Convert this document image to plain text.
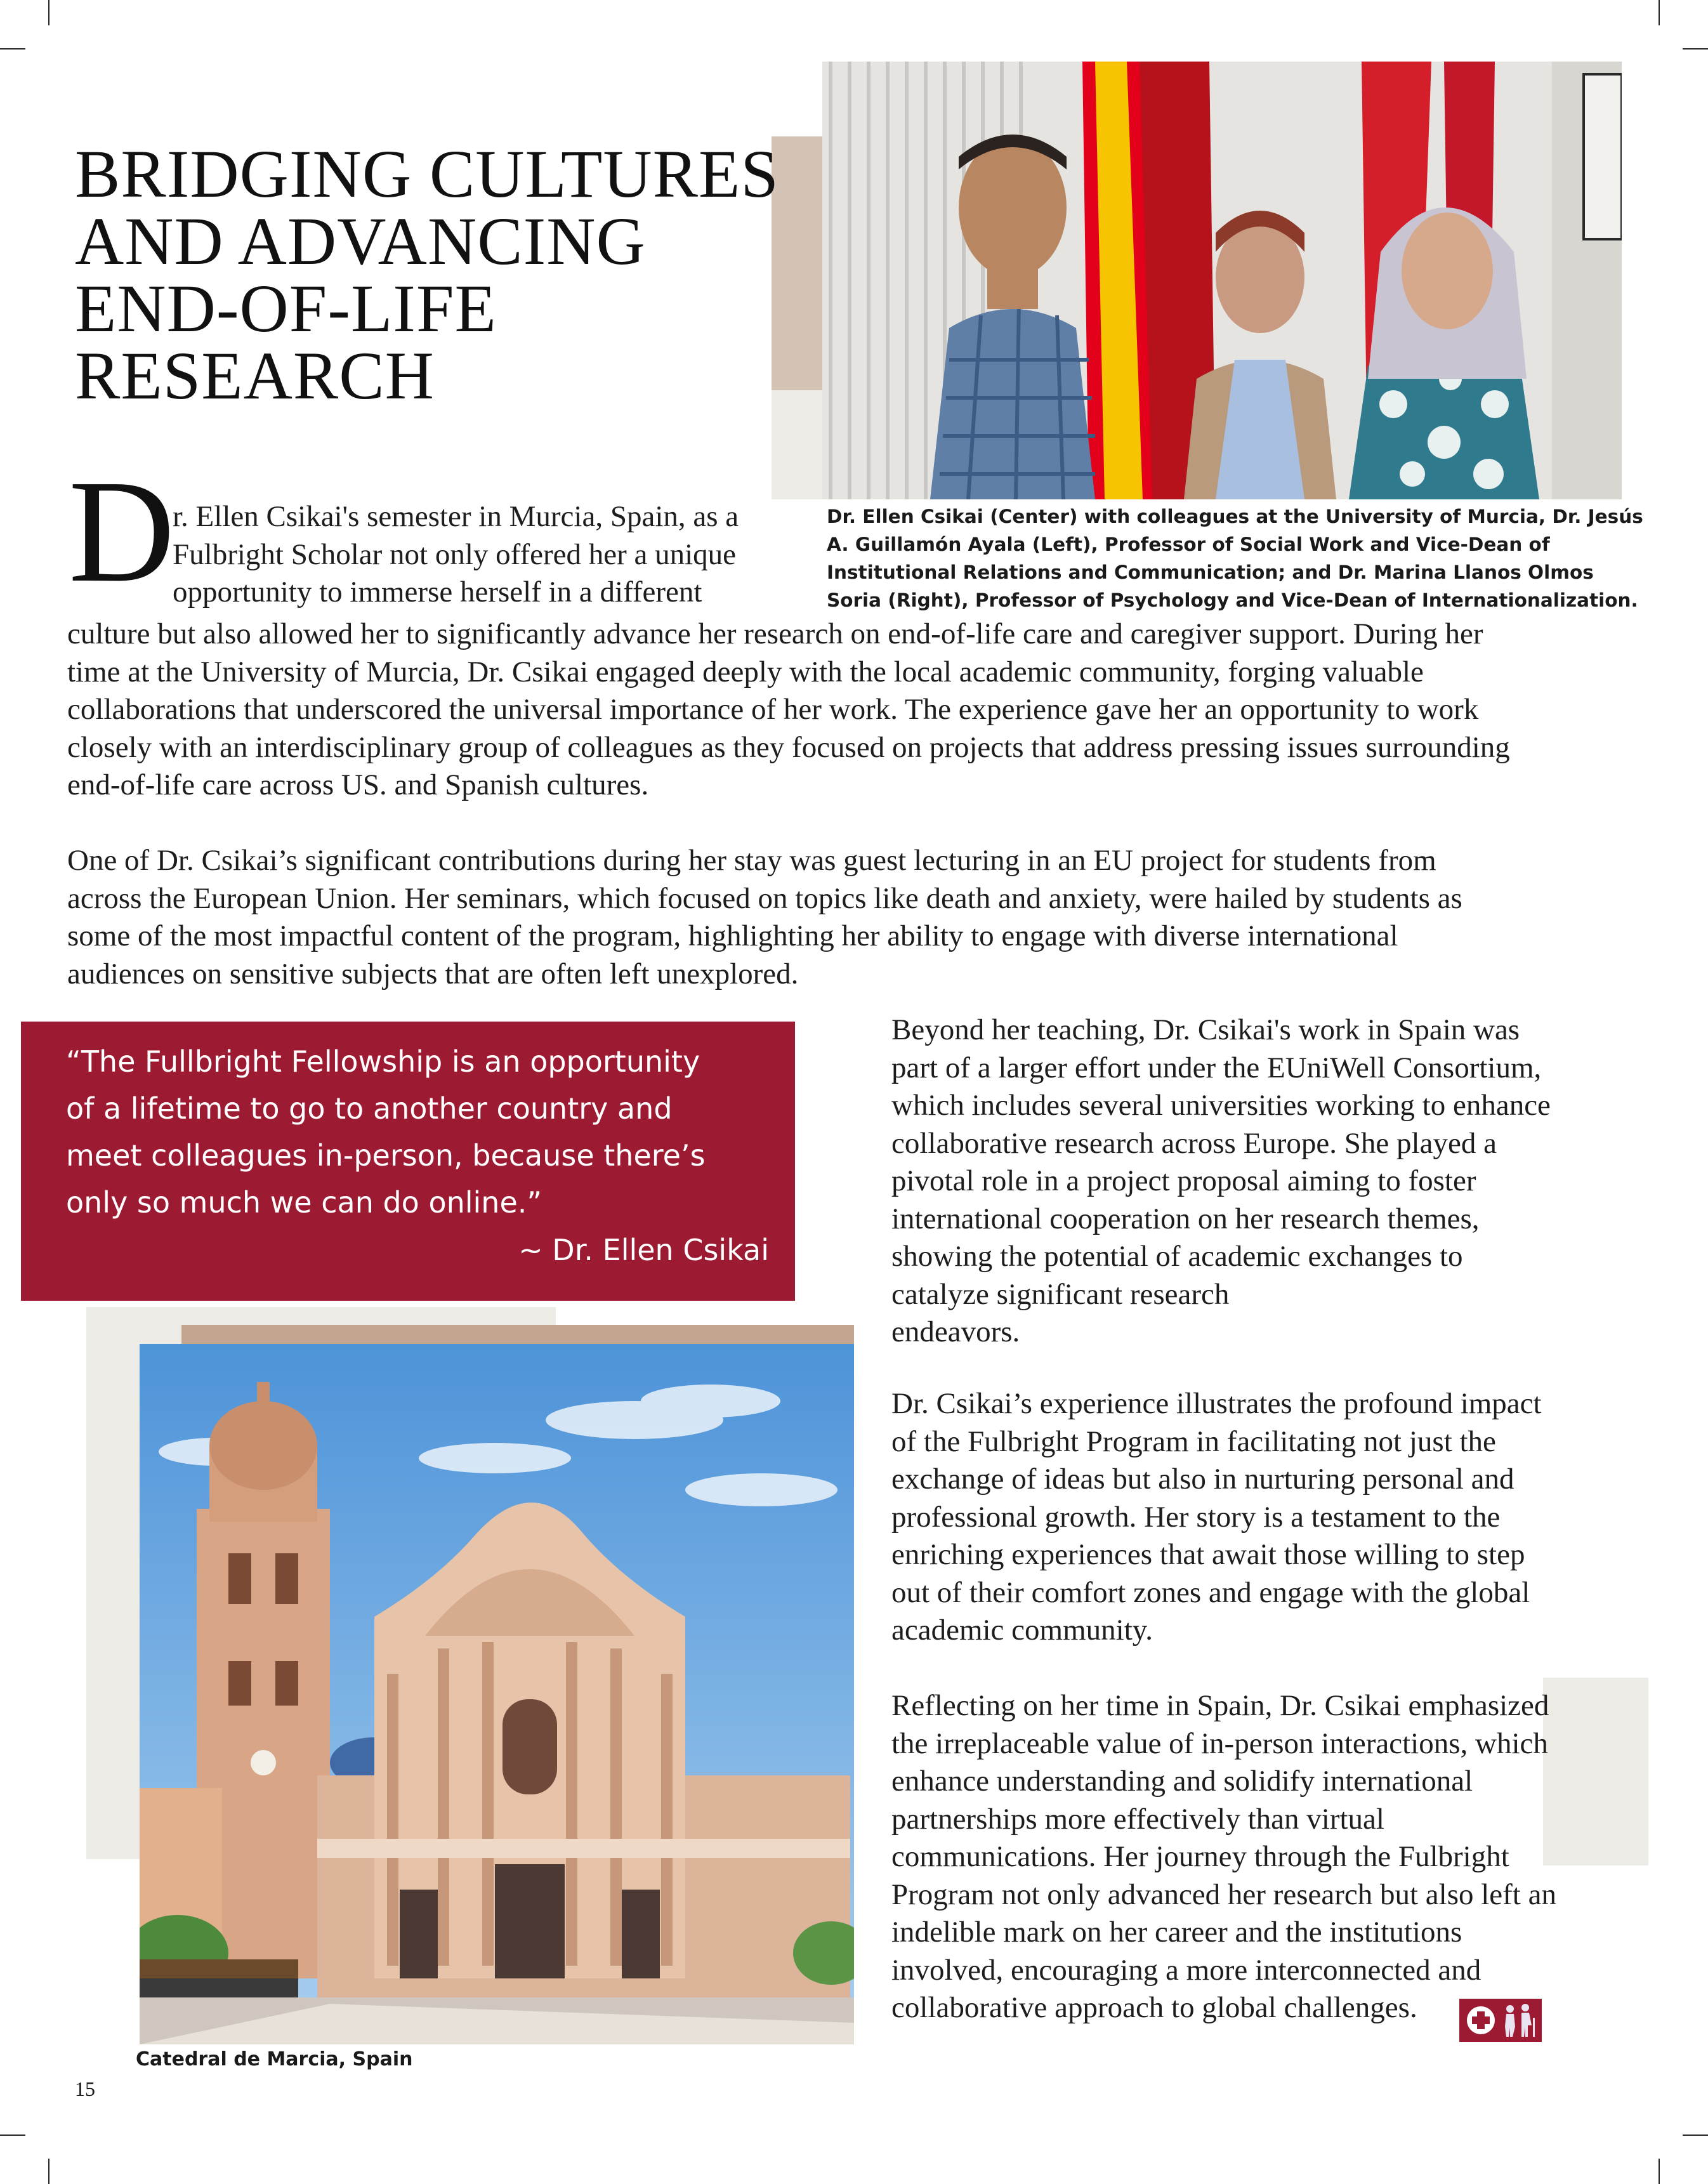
BRIDGING CULTURES
AND ADVANCING
END-OF-LIFE
RESEARCH
Dr. Ellen Csikai (Center) with colleagues at the University of Murcia, Dr. Jesús
A. Guillamón Ayala (Left), Professor of Social Work and Vice-Dean of
Institutional Relations and Communication; and Dr. Marina Llanos Olmos
Soria (Right), Professor of Psychology and Vice-Dean of Internationalization.
D
r. Ellen Csikai's semester in Murcia, Spain, as a
Fulbright Scholar not only offered her a unique
opportunity to immerse herself in a different
culture but also allowed her to significantly advance her research on end-of-life care and caregiver support. During her
time at the University of Murcia, Dr. Csikai engaged deeply with the local academic community, forging valuable
collaborations that underscored the universal importance of her work. The experience gave her an opportunity to work
closely with an interdisciplinary group of colleagues as they focused on projects that address pressing issues surrounding
end-of-life care across US. and Spanish cultures.
One of Dr. Csikai’s significant contributions during her stay was guest lecturing in an EU project for students from
across the European Union. Her seminars, which focused on topics like death and anxiety, were hailed by students as
some of the most impactful content of the program, highlighting her ability to engage with diverse international
audiences on sensitive subjects that are often left unexplored.
“The Fullbright Fellowship is an opportunity
of a lifetime to go to another country and
meet colleagues in-person, because there’s
only so much we can do online.”
~ Dr. Ellen Csikai
Beyond her teaching, Dr. Csikai's work in Spain was
part of a larger effort under the EUniWell Consortium,
which includes several universities working to enhance
collaborative research across Europe. She played a
pivotal role in a project proposal aiming to foster
international cooperation on her research themes,
showing the potential of academic exchanges to
catalyze significant research
endeavors.
Dr. Csikai’s experience illustrates the profound impact
of the Fulbright Program in facilitating not just the
exchange of ideas but also in nurturing personal and
professional growth. Her story is a testament to the
enriching experiences that await those willing to step
out of their comfort zones and engage with the global
academic community.
Reflecting on her time in Spain, Dr. Csikai emphasized
the irreplaceable value of in-person interactions, which
enhance understanding and solidify international
partnerships more effectively than virtual
communications. Her journey through the Fulbright
Program not only advanced her research but also left an
indelible mark on her career and the institutions
involved, encouraging a more interconnected and
collaborative approach to global challenges.
Catedral de Marcia, Spain
15
